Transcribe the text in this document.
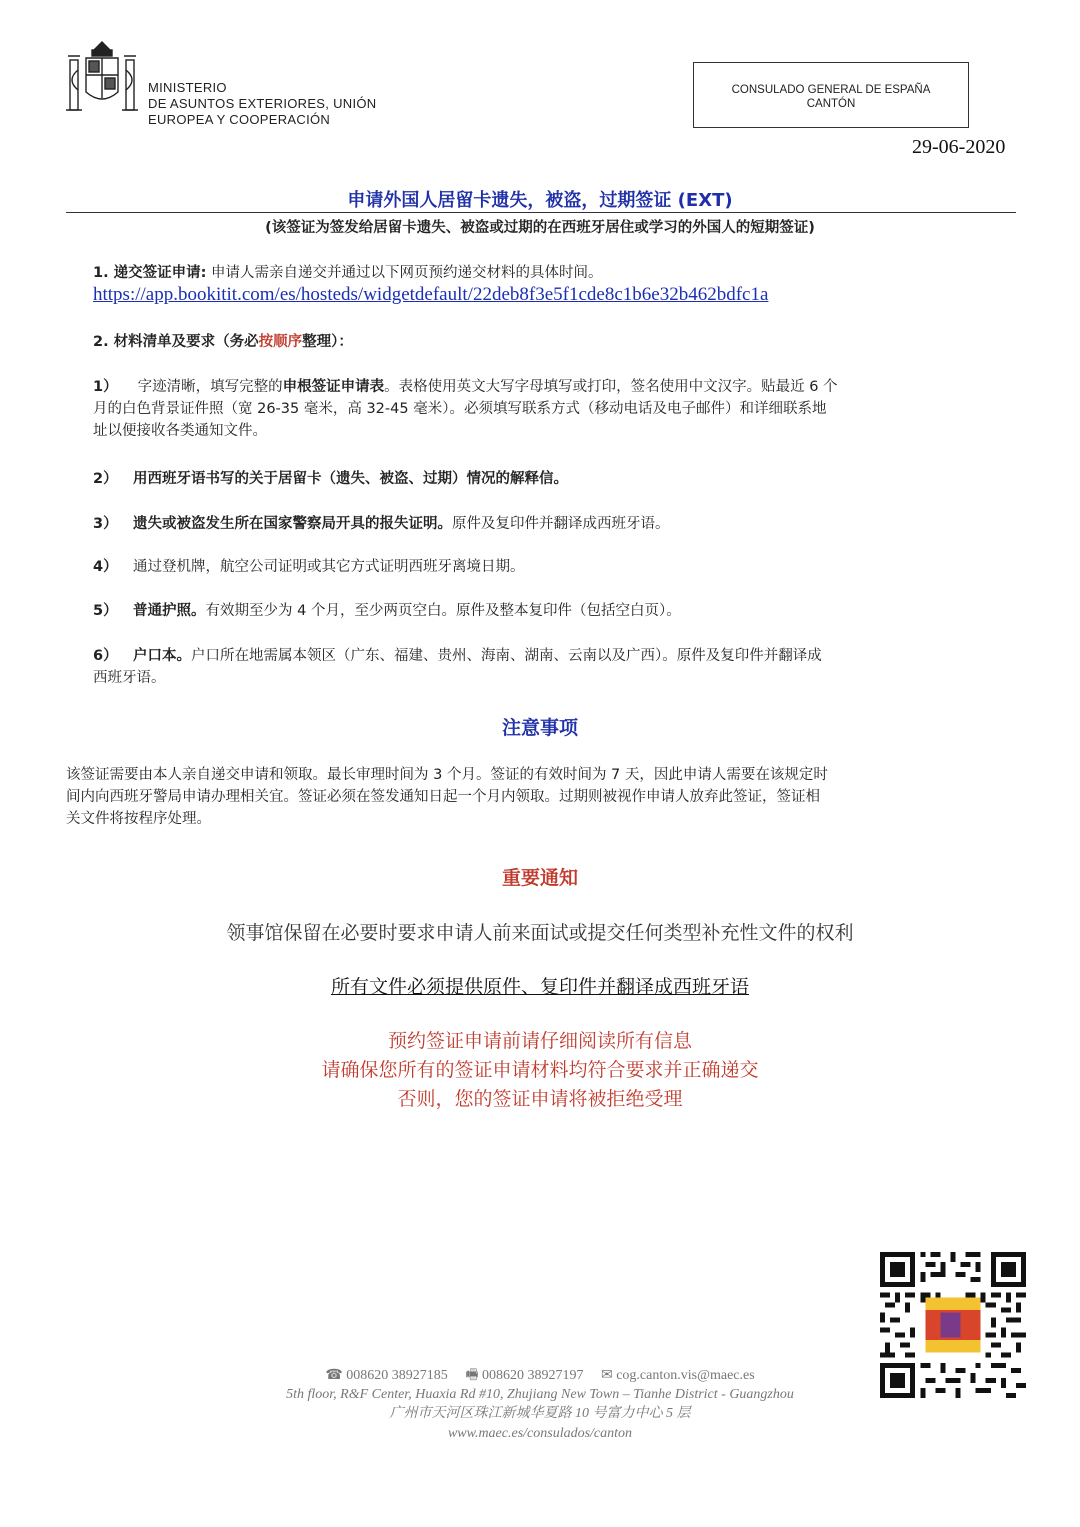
MINISTERIO
DE ASUNTOS EXTERIORES, UNIÓN
EUROPEA Y COOPERACIÓN
CONSULADO GENERAL DE ESPAÑA
CANTÓN
29-06-2020
申请外国人居留卡遗失，被盗，过期签证 (EXT)
(该签证为签发给居留卡遗失、被盗或过期的在西班牙居住或学习的外国人的短期签证)
1. 递交签证申请: 申请人需亲自递交并通过以下网页预约递交材料的具体时间。
https://app.bookitit.com/es/hosteds/widgetdefault/22deb8f3e5f1cde8c1b6e32b462bdfc1a
2. 材料清单及要求（务必按顺序整理）：
1） 字迹清晰，填写完整的申根签证申请表。表格使用英文大写字母填写或打印，签名使用中文汉字。贴最近 6 个
月的白色背景证件照（宽 26-35 毫米，高 32-45 毫米）。必须填写联系方式（移动电话及电子邮件）和详细联系地
址以便接收各类通知文件。
2） 用西班牙语书写的关于居留卡（遗失、被盗、过期）情况的解释信。
3） 遗失或被盗发生所在国家警察局开具的报失证明。原件及复印件并翻译成西班牙语。
4） 通过登机牌，航空公司证明或其它方式证明西班牙离境日期。
5） 普通护照。有效期至少为 4 个月，至少两页空白。原件及整本复印件（包括空白页）。
6） 户口本。户口所在地需属本领区（广东、福建、贵州、海南、湖南、云南以及广西）。原件及复印件并翻译成
西班牙语。
注意事项
该签证需要由本人亲自递交申请和领取。最长审理时间为 3 个月。签证的有效时间为 7 天，因此申请人需要在该规定时
间内向西班牙警局申请办理相关宜。签证必须在签发通知日起一个月内领取。过期则被视作申请人放弃此签证，签证相
关文件将按程序处理。
重要通知
领事馆保留在必要时要求申请人前来面试或提交任何类型补充性文件的权利
所有文件必须提供原件、复印件并翻译成西班牙语
预约签证申请前请仔细阅读所有信息
请确保您所有的签证申请材料均符合要求并正确递交
否则，您的签证申请将被拒绝受理
☎ 008620 38927185 🖷 008620 38927197 ✉ cog.canton.vis@maec.es
5th floor, R&F Center, Huaxia Rd #10, Zhujiang New Town – Tianhe District - Guangzhou
广州市天河区珠江新城华夏路 10 号富力中心 5 层
www.maec.es/consulados/canton
